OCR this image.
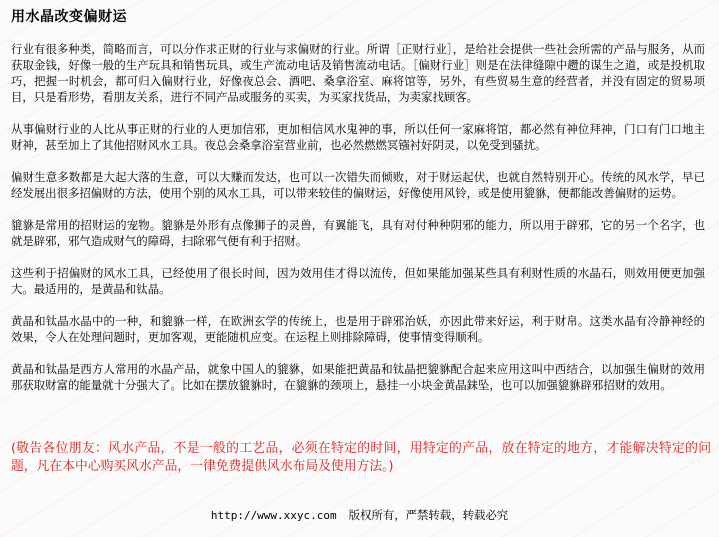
用水晶改变偏财运

行业有很多种类，简略而言，可以分作求正财的行业与求偏财的行业。所谓［正财行业］，是给社会提供一些社会所需的产品与服务，从而获取金钱，好像一般的生产玩具和销售玩具，或生产流动电话及销售流动电话。［偏财行业］则是在法律缝隙中趱的谋生之道，或是投机取巧，把握一时机会，都可归入偏财行业，好像夜总会、酒吧、桑拿浴室、麻将馆等，另外，有些贸易生意的经营者，并没有固定的贸易项目，只是看形势，看朋友关系，进行不同产品或服务的买卖，为买家找货品，为卖家找顾客。

从事偏财行业的人比从事正财的行业的人更加信邪，更加相信风水鬼神的事，所以任何一家麻将馆，都必然有神位拜神，门口有门口地主财神，甚至加上了其他招财风水工具。夜总会桑拿浴室营业前，也必然燃燃冥镪衬好阴灵，以免受到骚扰。

偏财生意多数都是大起大落的生意，可以大赚而发达，也可以一次错失而倾败，对于财运起伏，也就自然特别开心。传统的风水学，早已经发展出很多招偏财的方法，使用个别的风水工具，可以带来较佳的偏财运，好像使用风铃，或是使用貔貅，便都能改善偏财的运势。

貔貅是常用的招财运的宠物。貔貅是外形有点像狮子的灵兽，有翼能飞，具有对付种种阴邪的能力，所以用于辟邪，它的另一个名字，也就是辟邪，邪气造成财气的障碍，扫除邪气便有利于招财。

这些利于招偏财的风水工具，已经使用了很长时间，因为效用佳才得以流传，但如果能加强某些具有利财性质的水晶石，则效用便更加强大。最适用的，是黄晶和钛晶。

黄晶和钛晶水晶中的一种，和貔貅一样，在欧洲玄学的传统上，也是用于辟邪治妖，亦因此带来好运，利于财帛。这类水晶有冷静神经的效果，令人在处理问题时，更加客观，更能随机应变。在运程上则排除障碍，使事情变得顺利。

黄晶和钛晶是西方人常用的水晶产品，就象中国人的貔貅，如果能把黄晶和钛晶把貔貅配合起来应用这叫中西结合，以加强生偏财的效用那获取财富的能量就十分强大了。比如在摆放貔貅时，在貔貅的颈项上，悬挂一小块金黄晶銇坠，也可以加强貔貅辟邪招财的效用。

(敬告各位朋友：风水产品，不是一般的工艺品，必须在特定的时间，用特定的产品，放在特定的地方，才能解决特定的问题，凡在本中心购买风水产品，一律免费提供风水布局及使用方法。)
http://www.xxyc.com 版权所有，严禁转载，转载必究
